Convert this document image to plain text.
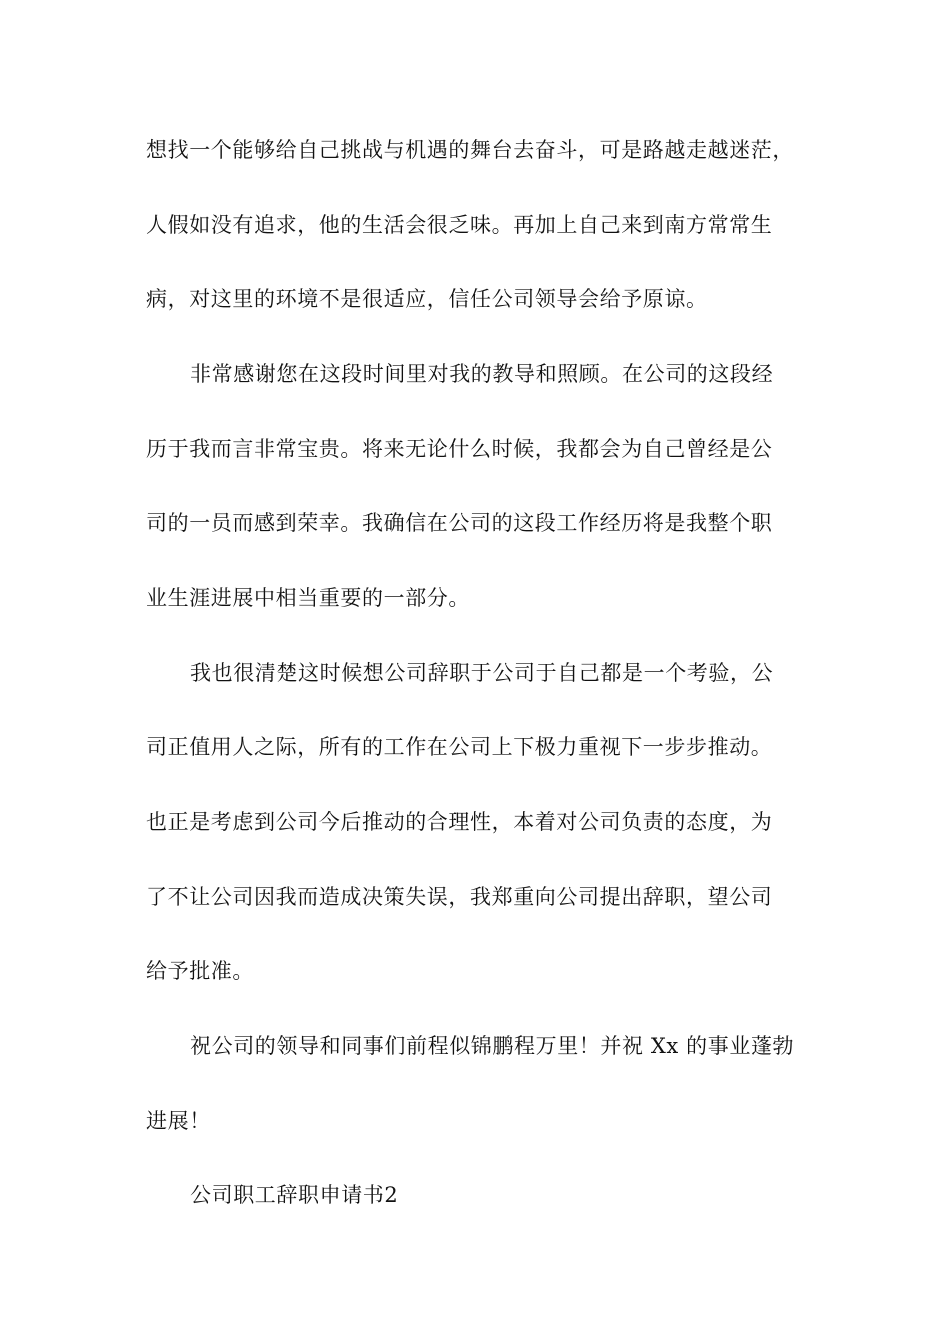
想找一个能够给自己挑战与机遇的舞台去奋斗，可是路越走越迷茫，
人假如没有追求，他的生活会很乏味。再加上自己来到南方常常生
病，对这里的环境不是很适应，信任公司领导会给予原谅。
非常感谢您在这段时间里对我的教导和照顾。在公司的这段经
历于我而言非常宝贵。将来无论什么时候，我都会为自己曾经是公
司的一员而感到荣幸。我确信在公司的这段工作经历将是我整个职
业生涯进展中相当重要的一部分。
我也很清楚这时候想公司辞职于公司于自己都是一个考验，公
司正值用人之际，所有的工作在公司上下极力重视下一步步推动。
也正是考虑到公司今后推动的合理性，本着对公司负责的态度，为
了不让公司因我而造成决策失误，我郑重向公司提出辞职，望公司
给予批准。
祝公司的领导和同事们前程似锦鹏程万里！并祝 Xx 的事业蓬勃
进展！
公司职工辞职申请书2
